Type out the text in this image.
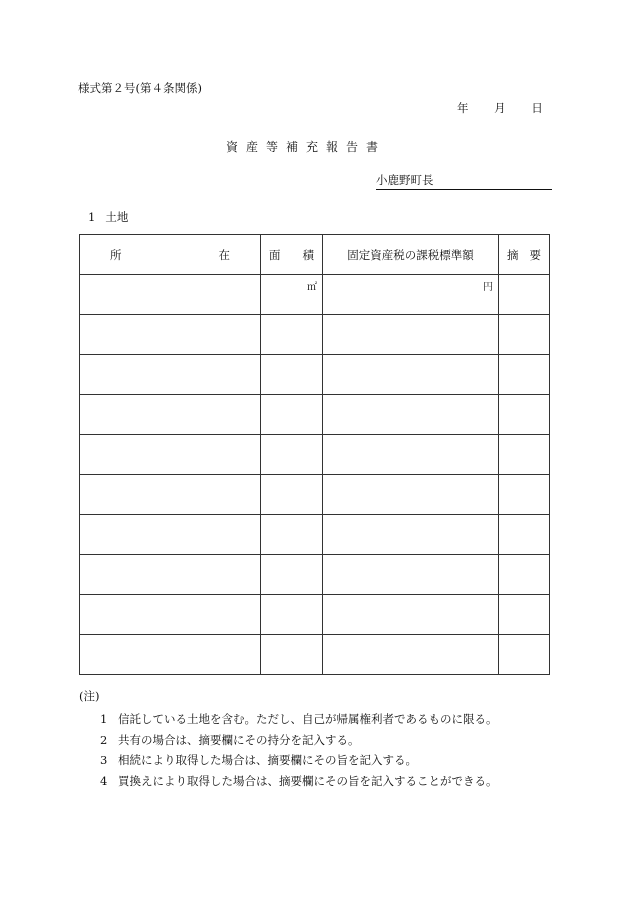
様式第２号(第４条関係)
年 月 日
資産等補充報告書
小鹿野町長
1 土地
所 在	面 積	固定資産税の課税標準額	摘 要

	㎡	円	

(注)
1 信託している土地を含む。ただし、自己が帰属権利者であるものに限る。
2 共有の場合は、摘要欄にその持分を記入する。
3 相続により取得した場合は、摘要欄にその旨を記入する。
4 買換えにより取得した場合は、摘要欄にその旨を記入することができる。
